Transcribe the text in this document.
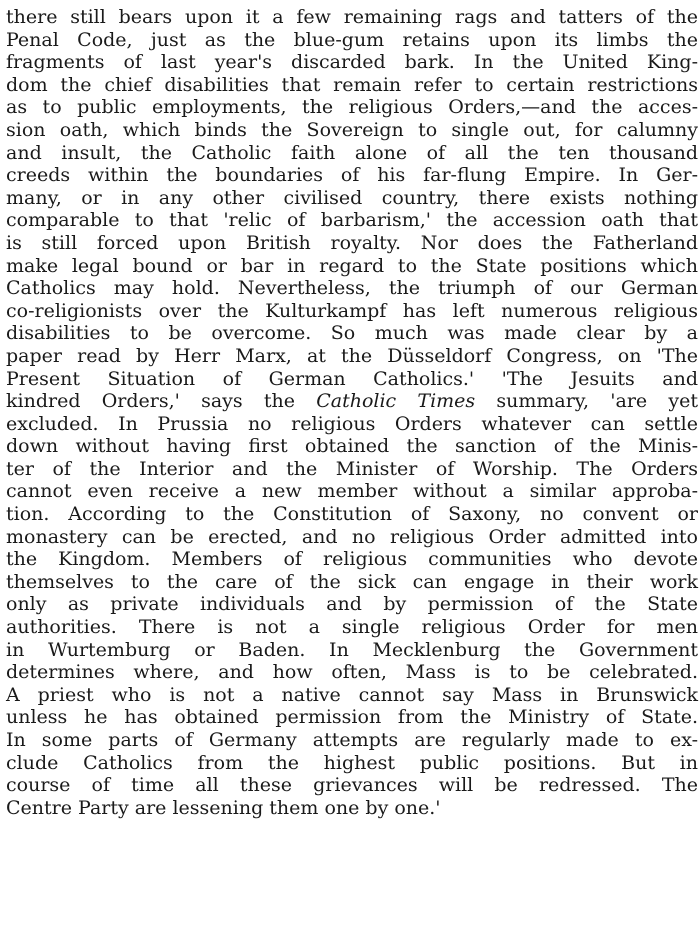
there still bears upon it a few remaining rags and tatters of the
Penal Code, just as the blue-gum retains upon its limbs the
fragments of last year's discarded bark. In the United King-
dom the chief disabilities that remain refer to certain restrictions
as to public employments, the religious Orders,—and the acces-
sion oath, which binds the Sovereign to single out, for calumny
and insult, the Catholic faith alone of all the ten thousand
creeds within the boundaries of his far-flung Empire. In Ger-
many, or in any other civilised country, there exists nothing
comparable to that 'relic of barbarism,' the accession oath that
is still forced upon British royalty. Nor does the Fatherland
make legal bound or bar in regard to the State positions which
Catholics may hold. Nevertheless, the triumph of our German
co-religionists over the Kulturkampf has left numerous religious
disabilities to be overcome. So much was made clear by a
paper read by Herr Marx, at the Düsseldorf Congress, on 'The
Present Situation of German Catholics.' 'The Jesuits and
kindred Orders,' says the Catholic Times summary, 'are yet
excluded. In Prussia no religious Orders whatever can settle
down without having first obtained the sanction of the Minis-
ter of the Interior and the Minister of Worship. The Orders
cannot even receive a new member without a similar approba-
tion. According to the Constitution of Saxony, no convent or
monastery can be erected, and no religious Order admitted into
the Kingdom. Members of religious communities who devote
themselves to the care of the sick can engage in their work
only as private individuals and by permission of the State
authorities. There is not a single religious Order for men
in Wurtemburg or Baden. In Mecklenburg the Government
determines where, and how often, Mass is to be celebrated.
A priest who is not a native cannot say Mass in Brunswick
unless he has obtained permission from the Ministry of State.
In some parts of Germany attempts are regularly made to ex-
clude Catholics from the highest public positions. But in
course of time all these grievances will be redressed. The
Centre Party are lessening them one by one.'
